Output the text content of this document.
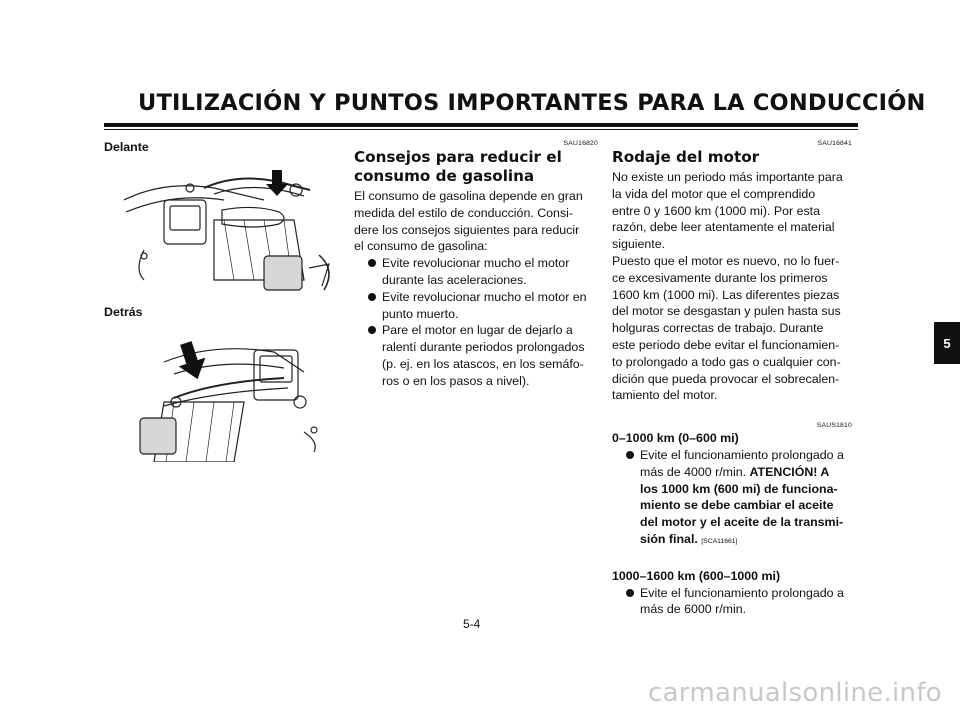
UTILIZACIÓN Y PUNTOS IMPORTANTES PARA LA CONDUCCIÓN
5
Delante
Detrás
SAU16820
Consejos para reducir el
consumo de gasolina
El consumo de gasolina depende en gran
medida del estilo de conducción. Consi-
dere los consejos siguientes para reducir
el consumo de gasolina:
Evite revolucionar mucho el motor
durante las aceleraciones.
Evite revolucionar mucho el motor en
punto muerto.
Pare el motor en lugar de dejarlo a
ralentí durante periodos prolongados
(p. ej. en los atascos, en los semáfo-
ros o en los pasos a nivel).
SAU16841
Rodaje del motor
No existe un periodo más importante para
la vida del motor que el comprendido
entre 0 y 1600 km (1000 mi). Por esta
razón, debe leer atentamente el material
siguiente.
Puesto que el motor es nuevo, no lo fuer-
ce excesivamente durante los primeros
1600 km (1000 mi). Las diferentes piezas
del motor se desgastan y pulen hasta sus
holguras correctas de trabajo. Durante
este periodo debe evitar el funcionamien-
to prolongado a todo gas o cualquier con-
dición que pueda provocar el sobrecalen-
tamiento del motor.
SAUS1810
0–1000 km (0–600 mi)
Evite el funcionamiento prolongado a
más de 4000 r/min. ATENCIÓN! A
los 1000 km (600 mi) de funciona-
miento se debe cambiar el aceite
del motor y el aceite de la transmi-
sión final. [SCA11661]
1000–1600 km (600–1000 mi)
Evite el funcionamiento prolongado a
más de 6000 r/min.
5-4
carmanualsonline.info
